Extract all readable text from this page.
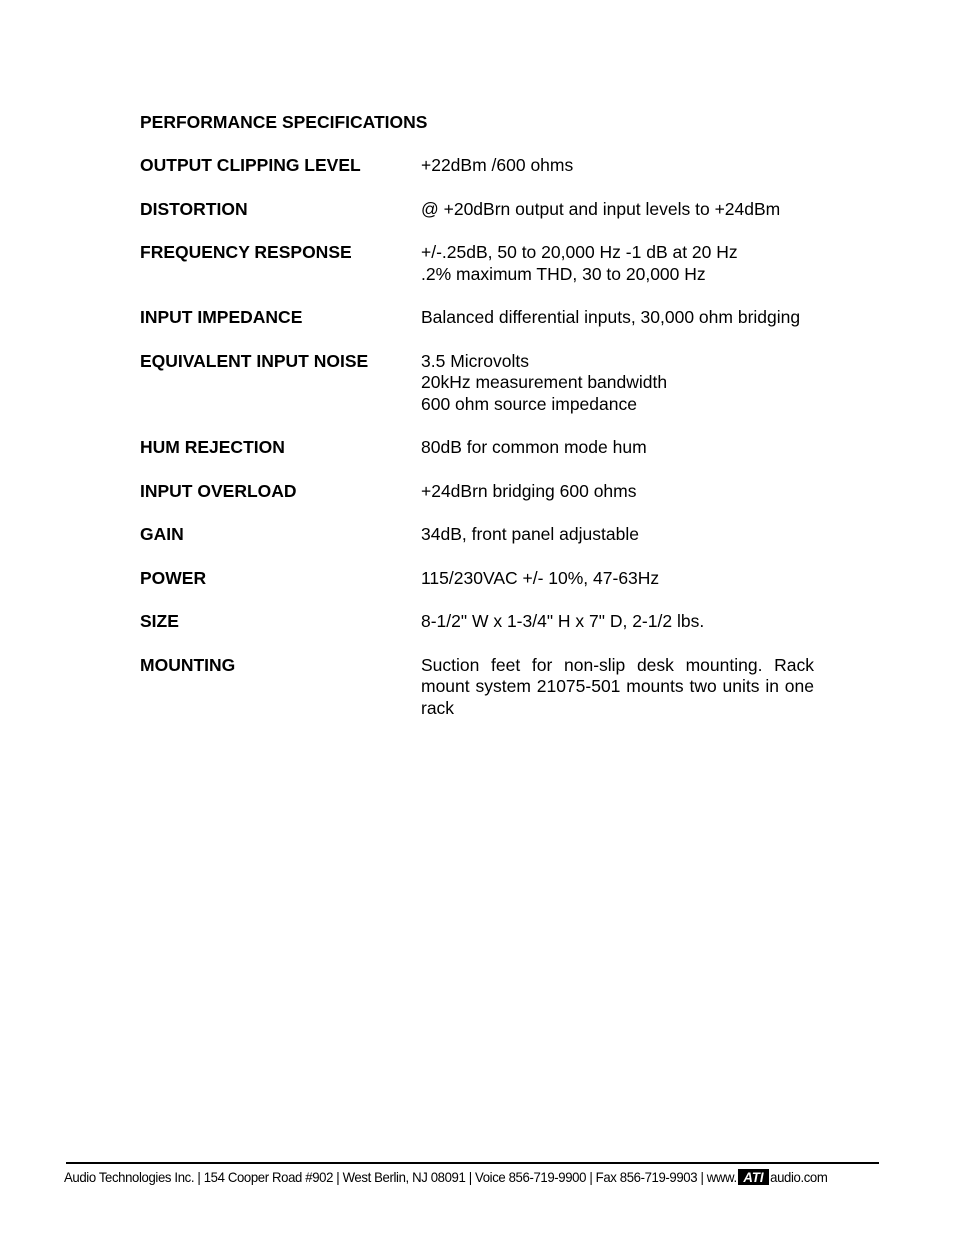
PERFORMANCE SPECIFICATIONS
OUTPUT CLIPPING LEVEL	+22dBm /600 ohms
DISTORTION	@ +20dBrn output and input levels to +24dBm
FREQUENCY RESPONSE	+/-.25dB, 50 to 20,000 Hz -1 dB at 20 Hz
.2% maximum THD, 30 to 20,000 Hz
INPUT IMPEDANCE	Balanced differential inputs, 30,000 ohm bridging
EQUIVALENT INPUT NOISE	3.5 Microvolts
20kHz measurement bandwidth
600 ohm source impedance
HUM REJECTION	80dB for common mode hum
INPUT OVERLOAD	+24dBrn bridging 600 ohms
GAIN	34dB, front panel adjustable
POWER	115/230VAC +/- 10%, 47-63Hz
SIZE	8-1/2" W x 1-3/4" H x 7" D, 2-1/2 lbs.
MOUNTING	Suction feet for non-slip desk mounting. Rack mount system 21075-501 mounts two units in one rack
Audio Technologies Inc. | 154 Cooper Road #902 | West Berlin, NJ 08091 | Voice 856-719-9900 | Fax 856-719-9903 | www. ATI audio.com
